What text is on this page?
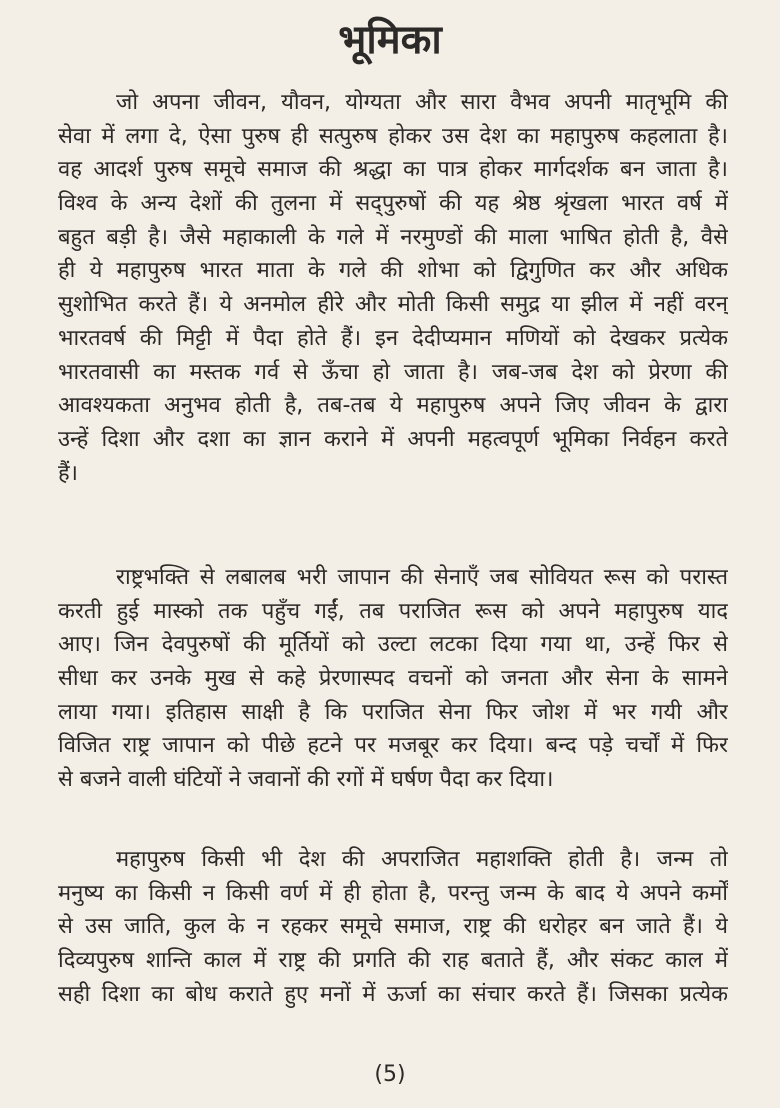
भूमिका
जो अपना जीवन, यौवन, योग्यता और सारा वैभव अपनी मातृभूमि की
सेवा में लगा दे, ऐसा पुरुष ही सत्पुरुष होकर उस देश का महापुरुष कहलाता है।
वह आदर्श पुरुष समूचे समाज की श्रद्धा का पात्र होकर मार्गदर्शक बन जाता है।
विश्व के अन्य देशों की तुलना में सद्पुरुषों की यह श्रेष्ठ श्रृंखला भारत वर्ष में
बहुत बड़ी है। जैसे महाकाली के गले में नरमुण्डों की माला भाषित होती है, वैसे
ही ये महापुरुष भारत माता के गले की शोभा को द्विगुणित कर और अधिक
सुशोभित करते हैं। ये अनमोल हीरे और मोती किसी समुद्र या झील में नहीं वरन्
भारतवर्ष की मिट्टी में पैदा होते हैं। इन देदीप्यमान मणियों को देखकर प्रत्येक
भारतवासी का मस्तक गर्व से ऊँचा हो जाता है। जब-जब देश को प्रेरणा की
आवश्यकता अनुभव होती है, तब-तब ये महापुरुष अपने जिए जीवन के द्वारा
उन्हें दिशा और दशा का ज्ञान कराने में अपनी महत्वपूर्ण भूमिका निर्वहन करते
हैं।
राष्ट्रभक्ति से लबालब भरी जापान की सेनाएँ जब सोवियत रूस को परास्त
करती हुई मास्को तक पहुँच गईं, तब पराजित रूस को अपने महापुरुष याद
आए। जिन देवपुरुषों की मूर्तियों को उल्टा लटका दिया गया था, उन्हें फिर से
सीधा कर उनके मुख से कहे प्रेरणास्पद वचनों को जनता और सेना के सामने
लाया गया। इतिहास साक्षी है कि पराजित सेना फिर जोश में भर गयी और
विजित राष्ट्र जापान को पीछे हटने पर मजबूर कर दिया। बन्द पड़े चर्चों में फिर
से बजने वाली घंटियों ने जवानों की रगों में घर्षण पैदा कर दिया।
महापुरुष किसी भी देश की अपराजित महाशक्ति होती है। जन्म तो
मनुष्य का किसी न किसी वर्ण में ही होता है, परन्तु जन्म के बाद ये अपने कर्मों
से उस जाति, कुल के न रहकर समूचे समाज, राष्ट्र की धरोहर बन जाते हैं। ये
दिव्यपुरुष शान्ति काल में राष्ट्र की प्रगति की राह बताते हैं, और संकट काल में
सही दिशा का बोध कराते हुए मनों में ऊर्जा का संचार करते हैं। जिसका प्रत्येक
(5)
